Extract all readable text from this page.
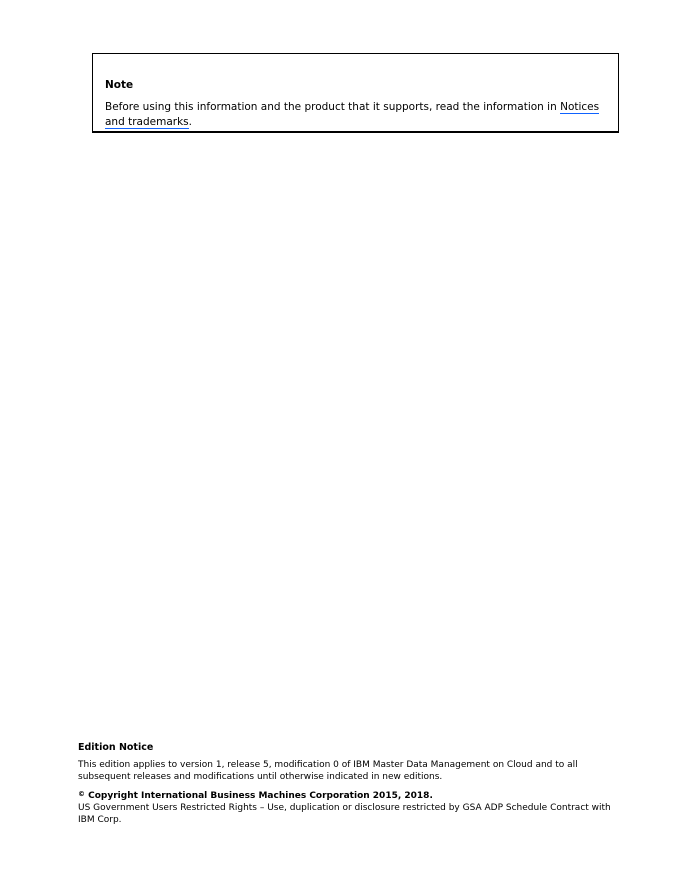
Note

Before using this information and the product that it supports, read the information in Notices and trademarks.

Edition Notice

This edition applies to version 1, release 5, modification 0 of IBM Master Data Management on Cloud and to all subsequent releases and modifications until otherwise indicated in new editions.

© Copyright International Business Machines Corporation 2015, 2018.

US Government Users Restricted Rights – Use, duplication or disclosure restricted by GSA ADP Schedule Contract with IBM Corp.
